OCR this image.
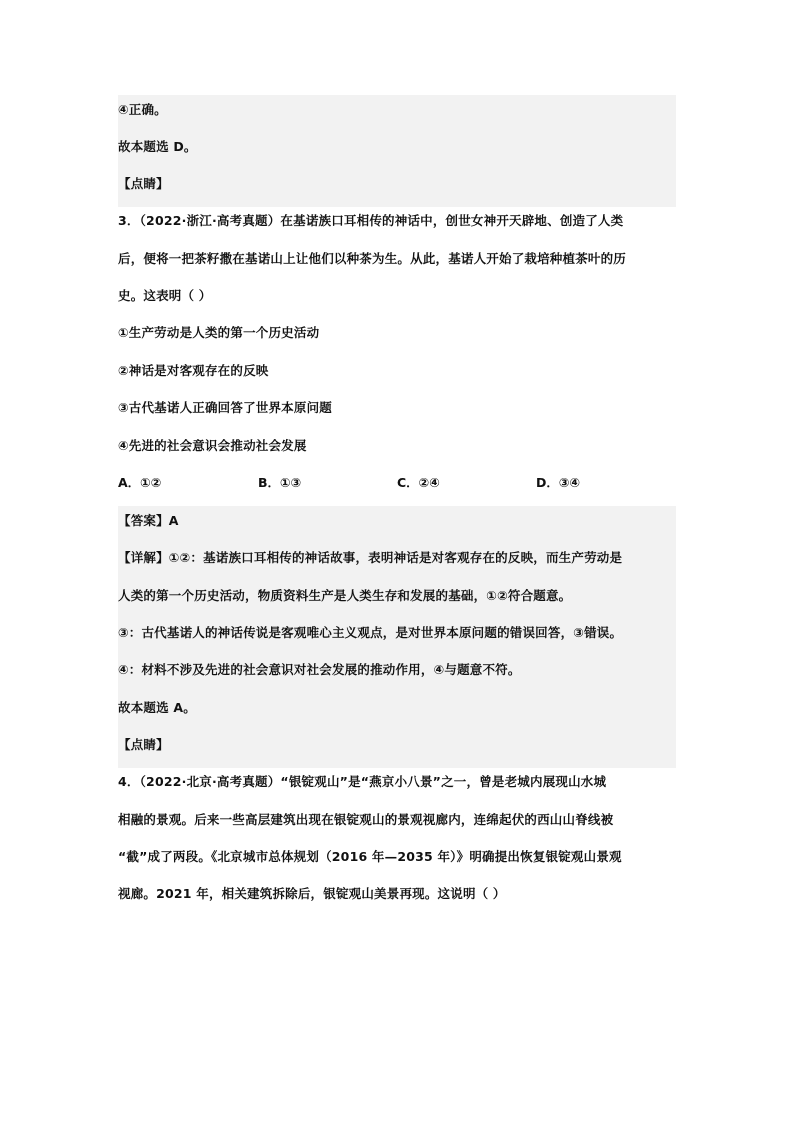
④正确。
故本题选 D。
【点睛】
3．（2022·浙江·高考真题）在基诺族口耳相传的神话中，创世女神开天辟地、创造了人类
后，便将一把茶籽撒在基诺山上让他们以种茶为生。从此，基诺人开始了栽培种植茶叶的历
史。这表明（ ）
①生产劳动是人类的第一个历史活动
②神话是对客观存在的反映
③古代基诺人正确回答了世界本原问题
④先进的社会意识会推动社会发展
A．①②	B．①③	C．②④	D．③④
【答案】A
【详解】①②：基诺族口耳相传的神话故事，表明神话是对客观存在的反映，而生产劳动是
人类的第一个历史活动，物质资料生产是人类生存和发展的基础，①②符合题意。
③：古代基诺人的神话传说是客观唯心主义观点，是对世界本原问题的错误回答，③错误。
④：材料不涉及先进的社会意识对社会发展的推动作用，④与题意不符。
故本题选 A。
【点睛】
4．（2022·北京·高考真题）“银锭观山”是“燕京小八景”之一，曾是老城内展现山水城
相融的景观。后来一些高层建筑出现在银锭观山的景观视廊内，连绵起伏的西山山脊线被
“截”成了两段。《北京城市总体规划（2016 年—2035 年）》明确提出恢复银锭观山景观
视廊。2021 年，相关建筑拆除后，银锭观山美景再现。这说明（ ）
